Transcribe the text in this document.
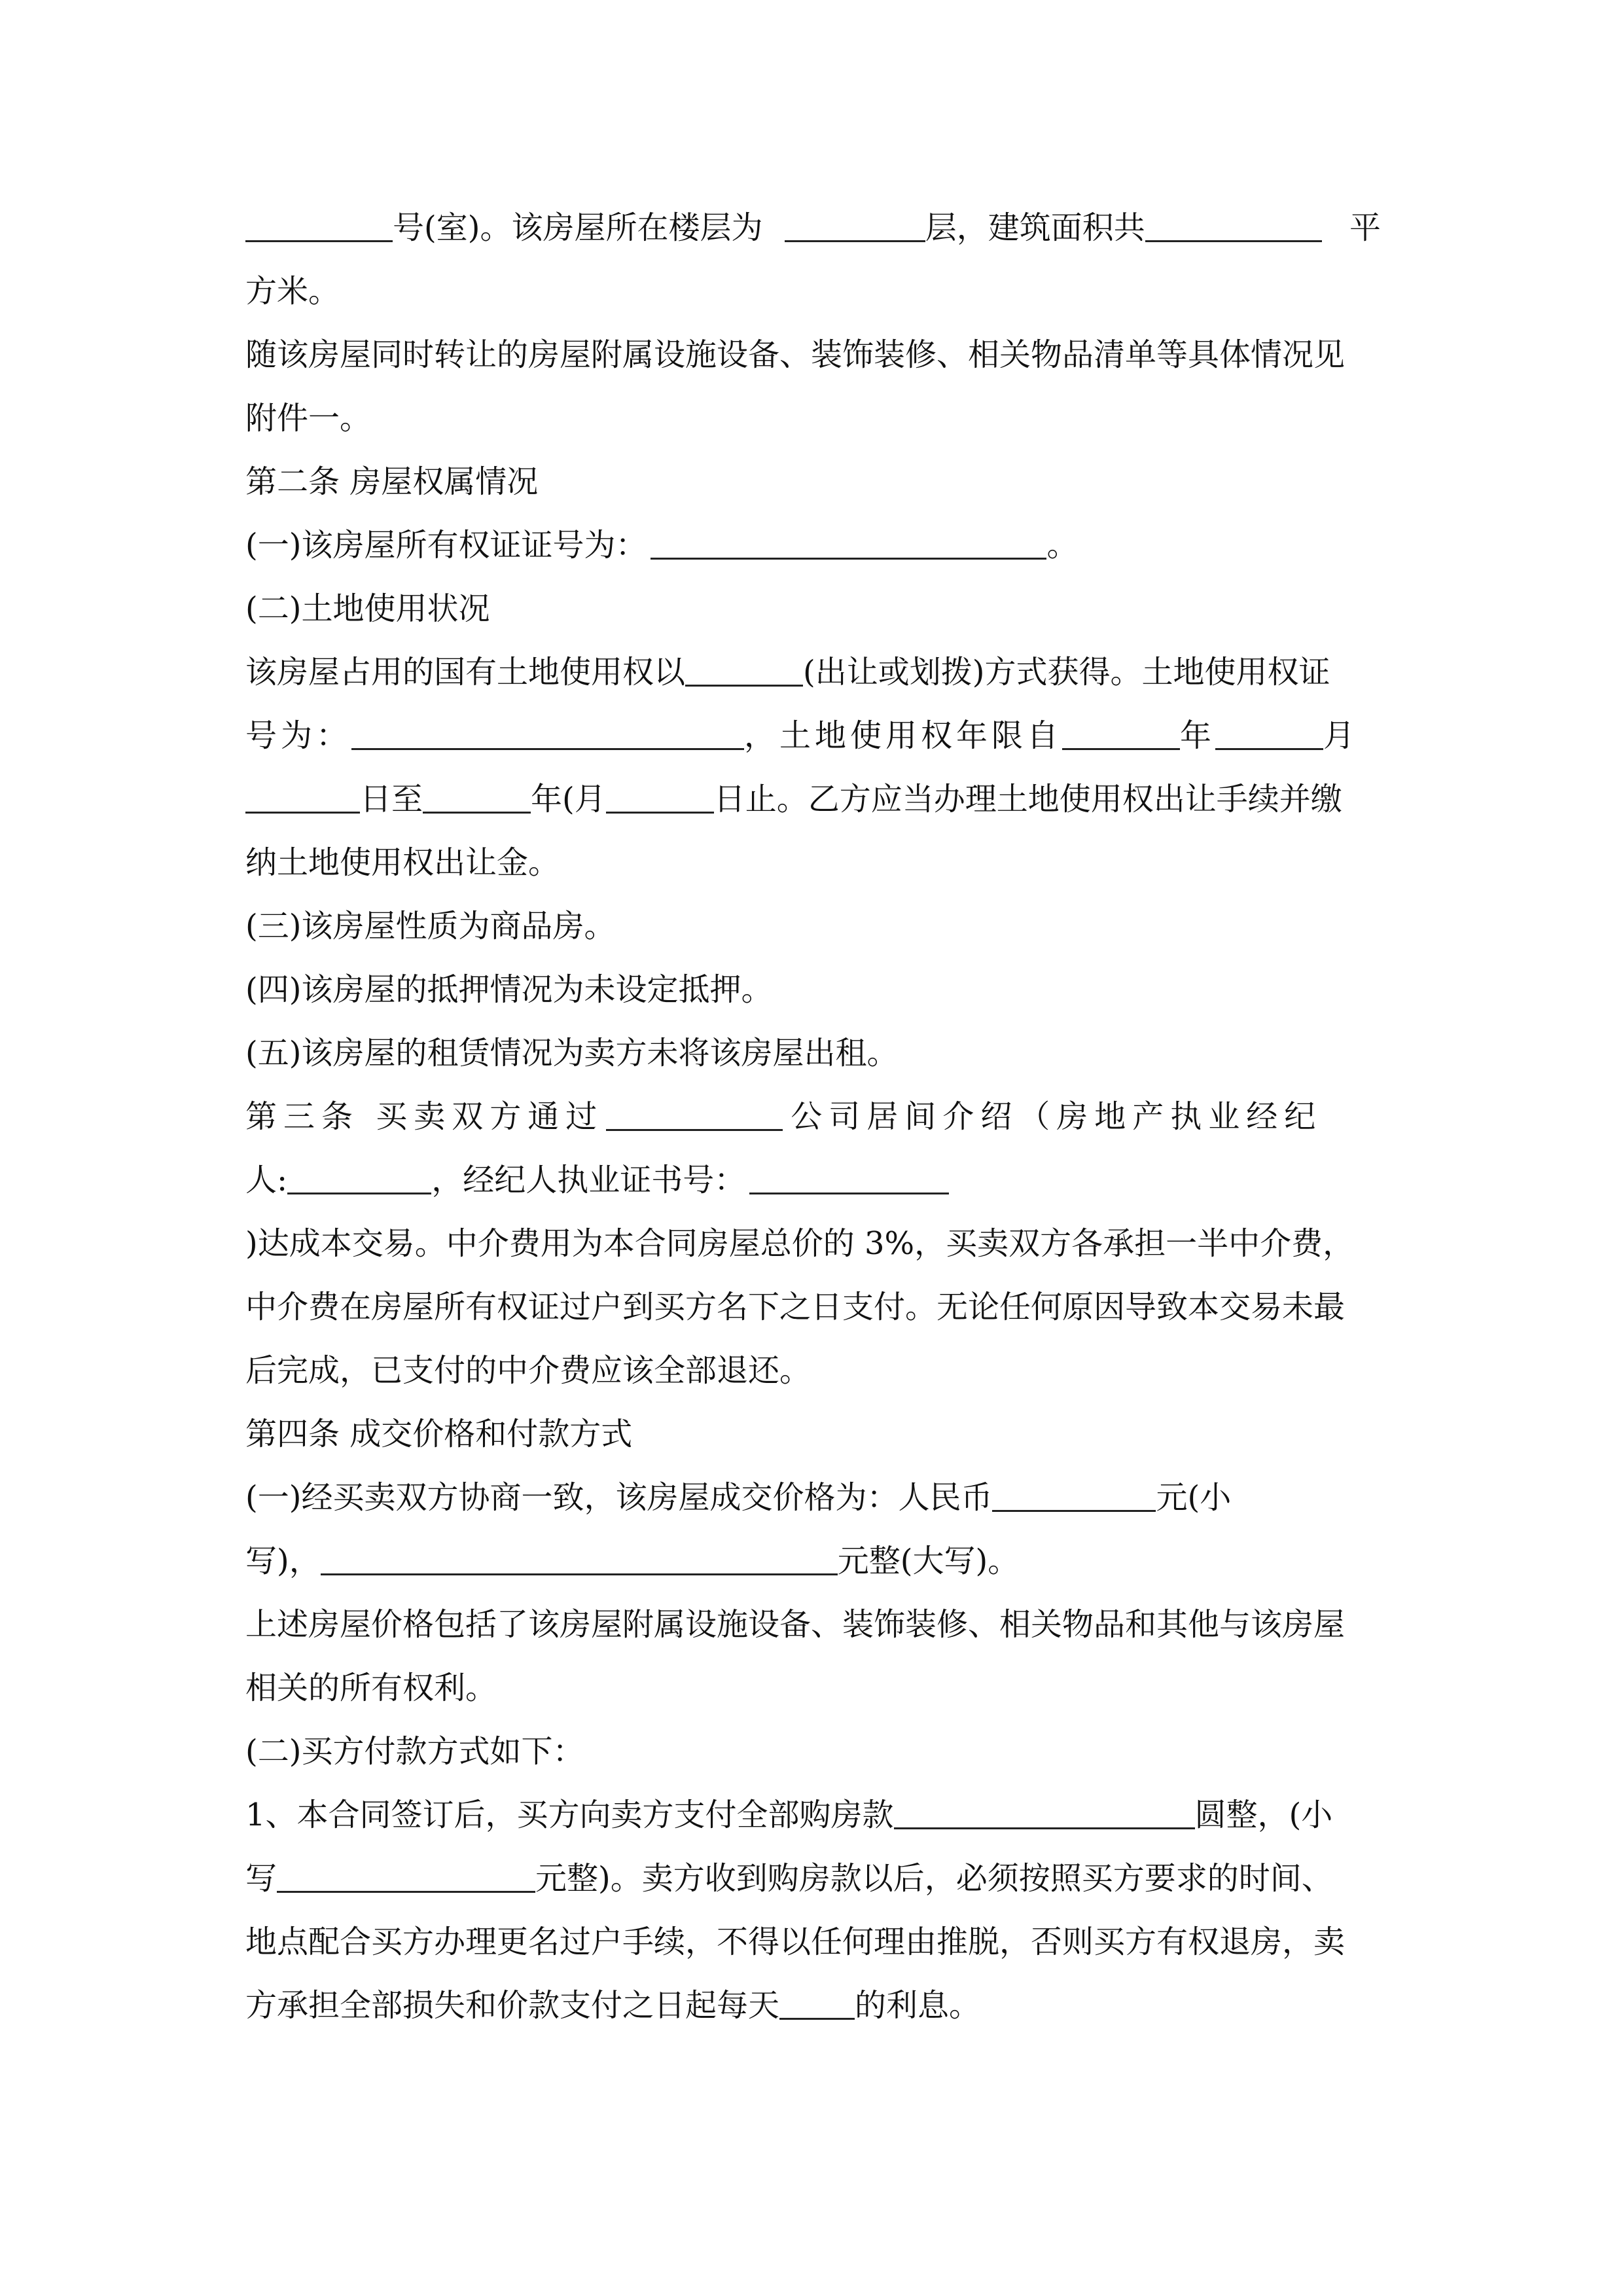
号(室)。该房屋所在楼层为	层，建筑面积共	平
方米。
随该房屋同时转让的房屋附属设施设备、装饰装修、相关物品清单等具体情况见
附件一。
第二条 房屋权属情况
(一)该房屋所有权证证号为：	。
(二)土地使用状况
该房屋占用的国有土地使用权以	(出让或划拨)方式获得。土地使用权证
号为：	，土地使用权年限自	年	月
日至	年(月	日止。乙方应当办理土地使用权出让手续并缴
纳土地使用权出让金。
(三)该房屋性质为商品房。
(四)该房屋的抵押情况为未设定抵押。
(五)该房屋的租赁情况为卖方未将该房屋出租。
第三条 买卖双方通过	公司居间介绍（房地产执业经纪
人:	，经纪人执业证书号：
)达成本交易。中介费用为本合同房屋总价的 3%，买卖双方各承担一半中介费，
中介费在房屋所有权证过户到买方名下之日支付。无论任何原因导致本交易未最
后完成，已支付的中介费应该全部退还。
第四条 成交价格和付款方式
(一)经买卖双方协商一致，该房屋成交价格为：人民币	元(小
写)，	元整(大写)。
上述房屋价格包括了该房屋附属设施设备、装饰装修、相关物品和其他与该房屋
相关的所有权利。
(二)买方付款方式如下：
1、本合同签订后，买方向卖方支付全部购房款	圆整，(小
写	元整)。卖方收到购房款以后，必须按照买方要求的时间、
地点配合买方办理更名过户手续，不得以任何理由推脱，否则买方有权退房，卖
方承担全部损失和价款支付之日起每天 的利息。
